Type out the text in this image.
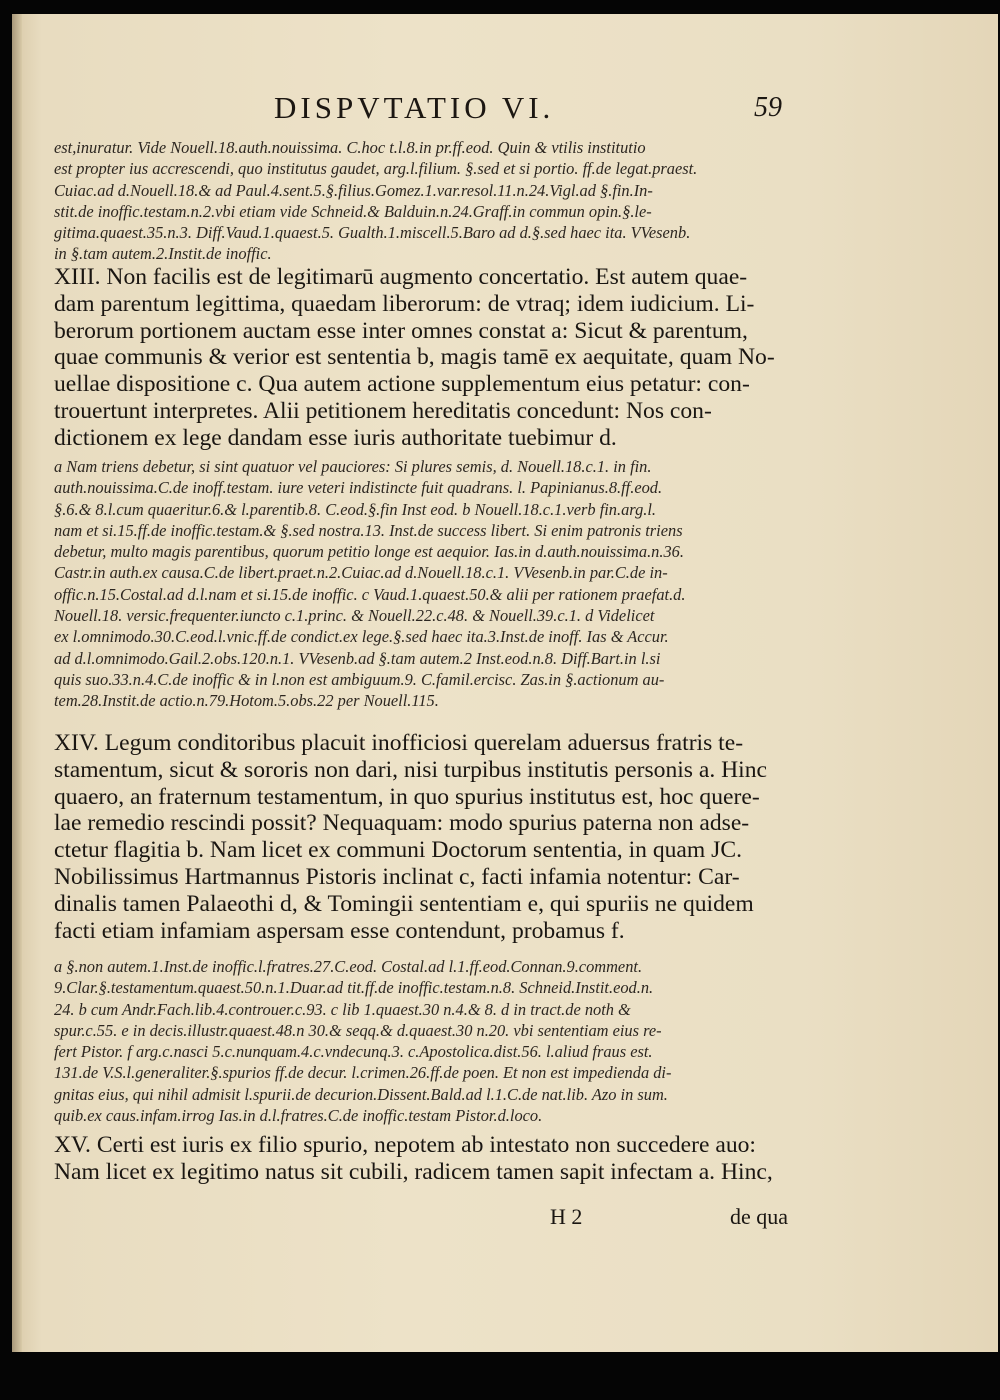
DISPVTATIO VI.	59
est,inuratur. Vide Nouell.18.auth.nouissima. C.hoc t.l.8.in pr.ff.eod. Quin & vtilis institutio
est propter ius accrescendi, quo institutus gaudet, arg.l.filium. §.sed et si portio. ff.de legat.praest.
Cuiac.ad d.Nouell.18.& ad Paul.4.sent.5.§.filius.Gomez.1.var.resol.11.n.24.Vigl.ad §.fin.In-
stit.de inoffic.testam.n.2.vbi etiam vide Schneid.& Balduin.n.24.Graff.in commun opin.§.le-
gitima.quaest.35.n.3. Diff.Vaud.1.quaest.5. Gualth.1.miscell.5.Baro ad d.§.sed haec ita. VVesenb.
in §.tam autem.2.Instit.de inoffic.
XIII. Non facilis est de legitimarū augmento concertatio. Est autem quae-
dam parentum legittima, quaedam liberorum: de vtraq; idem iudicium. Li-
berorum portionem auctam esse inter omnes constat a: Sicut & parentum,
quae communis & verior est sententia b, magis tamē ex aequitate, quam No-
uellae dispositione c. Qua autem actione supplementum eius petatur: con-
trouertunt interpretes. Alii petitionem hereditatis concedunt: Nos con-
dictionem ex lege dandam esse iuris authoritate tuebimur d.
a Nam triens debetur, si sint quatuor vel pauciores: Si plures semis, d. Nouell.18.c.1. in fin.
auth.nouissima.C.de inoff.testam. iure veteri indistincte fuit quadrans. l. Papinianus.8.ff.eod.
§.6.& 8.l.cum quaeritur.6.& l.parentib.8. C.eod.§.fin Inst eod. b Nouell.18.c.1.verb fin.arg.l.
nam et si.15.ff.de inoffic.testam.& §.sed nostra.13. Inst.de success libert. Si enim patronis triens
debetur, multo magis parentibus, quorum petitio longe est aequior. Ias.in d.auth.nouissima.n.36.
Castr.in auth.ex causa.C.de libert.praet.n.2.Cuiac.ad d.Nouell.18.c.1. VVesenb.in par.C.de in-
offic.n.15.Costal.ad d.l.nam et si.15.de inoffic. c Vaud.1.quaest.50.& alii per rationem praefat.d.
Nouell.18. versic.frequenter.iuncto c.1.princ. & Nouell.22.c.48. & Nouell.39.c.1. d Videlicet
ex l.omnimodo.30.C.eod.l.vnic.ff.de condict.ex lege.§.sed haec ita.3.Inst.de inoff. Ias & Accur.
ad d.l.omnimodo.Gail.2.obs.120.n.1. VVesenb.ad §.tam autem.2 Inst.eod.n.8. Diff.Bart.in l.si
quis suo.33.n.4.C.de inoffic & in l.non est ambiguum.9. C.famil.ercisc. Zas.in §.actionum au-
tem.28.Instit.de actio.n.79.Hotom.5.obs.22 per Nouell.115.
XIV. Legum conditoribus placuit inofficiosi querelam aduersus fratris te-
stamentum, sicut & sororis non dari, nisi turpibus institutis personis a. Hinc
quaero, an fraternum testamentum, in quo spurius institutus est, hoc quere-
lae remedio rescindi possit? Nequaquam: modo spurius paterna non adse-
ctetur flagitia b. Nam licet ex communi Doctorum sententia, in quam JC.
Nobilissimus Hartmannus Pistoris inclinat c, facti infamia notentur: Car-
dinalis tamen Palaeothi d, & Tomingii sententiam e, qui spuriis ne quidem
facti etiam infamiam aspersam esse contendunt, probamus f.
a §.non autem.1.Inst.de inoffic.l.fratres.27.C.eod. Costal.ad l.1.ff.eod.Connan.9.comment.
9.Clar.§.testamentum.quaest.50.n.1.Duar.ad tit.ff.de inoffic.testam.n.8. Schneid.Instit.eod.n.
24. b cum Andr.Fach.lib.4.controuer.c.93. c lib 1.quaest.30 n.4.& 8. d in tract.de noth &
spur.c.55. e in decis.illustr.quaest.48.n 30.& seqq.& d.quaest.30 n.20. vbi sententiam eius re-
fert Pistor. f arg.c.nasci 5.c.nunquam.4.c.vndecunq.3. c.Apostolica.dist.56. l.aliud fraus est.
131.de V.S.l.generaliter.§.spurios ff.de decur. l.crimen.26.ff.de poen. Et non est impedienda di-
gnitas eius, qui nihil admisit l.spurii.de decurion.Dissent.Bald.ad l.1.C.de nat.lib. Azo in sum.
quib.ex caus.infam.irrog Ias.in d.l.fratres.C.de inoffic.testam Pistor.d.loco.
XV. Certi est iuris ex filio spurio, nepotem ab intestato non succedere auo:
Nam licet ex legitimo natus sit cubili, radicem tamen sapit infectam a. Hinc,
H 2	de qua
